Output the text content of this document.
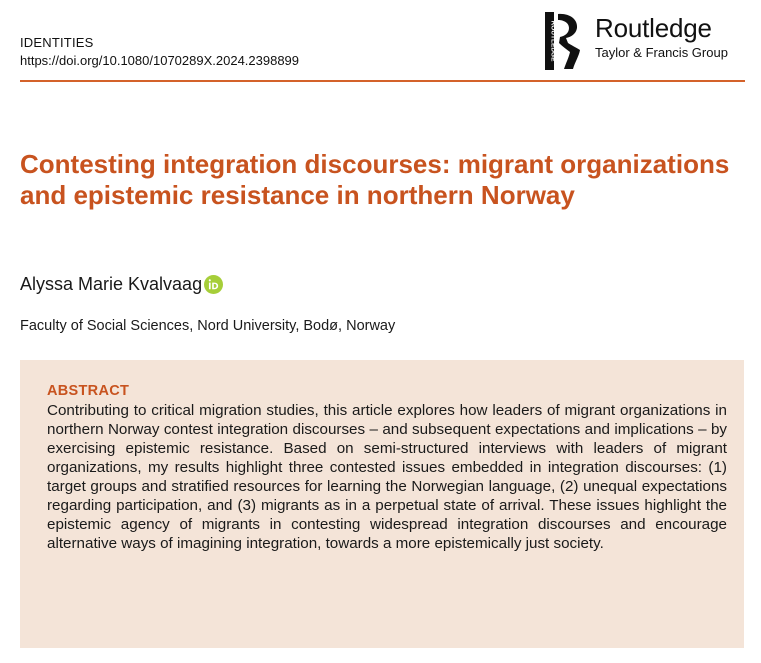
IDENTITIES
https://doi.org/10.1080/1070289X.2024.2398899	ROUTLEDGE Routledge
Taylor & Francis Group
Contesting integration discourses: migrant organizations and epistemic resistance in northern Norway
Alyssa Marie Kvalvaag
Faculty of Social Sciences, Nord University, Bodø, Norway
ABSTRACT

Contributing to critical migration studies, this article explores how leaders of migrant organizations in northern Norway contest integration discourses – and subsequent expectations and implications – by exercising epistemic resistance. Based on semi-structured interviews with leaders of migrant organizations, my results highlight three contested issues embedded in integration discourses: (1) target groups and stratified resources for learning the Norwegian language, (2) unequal expectations regarding participation, and (3) migrants as in a perpetual state of arrival. These issues highlight the epistemic agency of migrants in contesting widespread integration discourses and encourage alternative ways of imagining integration, towards a more epistemically just society.
